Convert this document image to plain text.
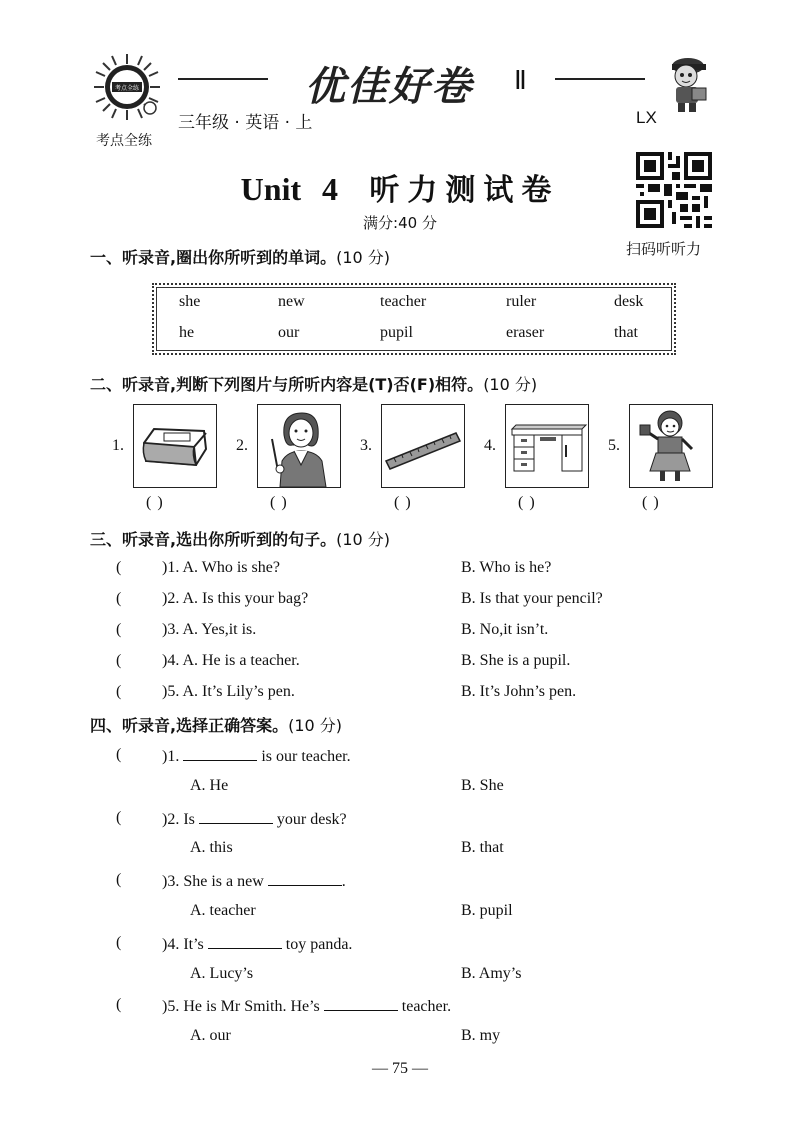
考点全练
考点全练
优佳好卷 Ⅱ
三年级 · 英语 · 上	LX
Unit 4 听力测试卷
满分:40 分
扫码听听力
一、听录音,圈出你所听到的单词。(10 分)
she	new	teacher	ruler	desk
he	our	pupil	eraser	that
二、听录音,判断下列图片与所听内容是(T)否(F)相符。(10 分)
1.
( )
2.
( )
3.
( )
4.
( )
5.
( )
三、听录音,选出你所听到的句子。(10 分)
(	)1. A. Who is she?	B. Who is he?
(	)2. A. Is this your bag?	B. Is that your pencil?
(	)3. A. Yes,it is.	B. No,it isn’t.
(	)4. A. He is a teacher.	B. She is a pupil.
(	)5. A. It’s Lily’s pen.	B. It’s John’s pen.
四、听录音,选择正确答案。(10 分)
(	)1.	is our teacher.
A. He	B. She
(	)2. Is	your desk?
A. this	B. that
(	)3. She is a new	.
A. teacher	B. pupil
(	)4. It’s	toy panda.
A. Lucy’s	B. Amy’s
(	)5. He is Mr Smith. He’s	teacher.
A. our	B. my
— 75 —
